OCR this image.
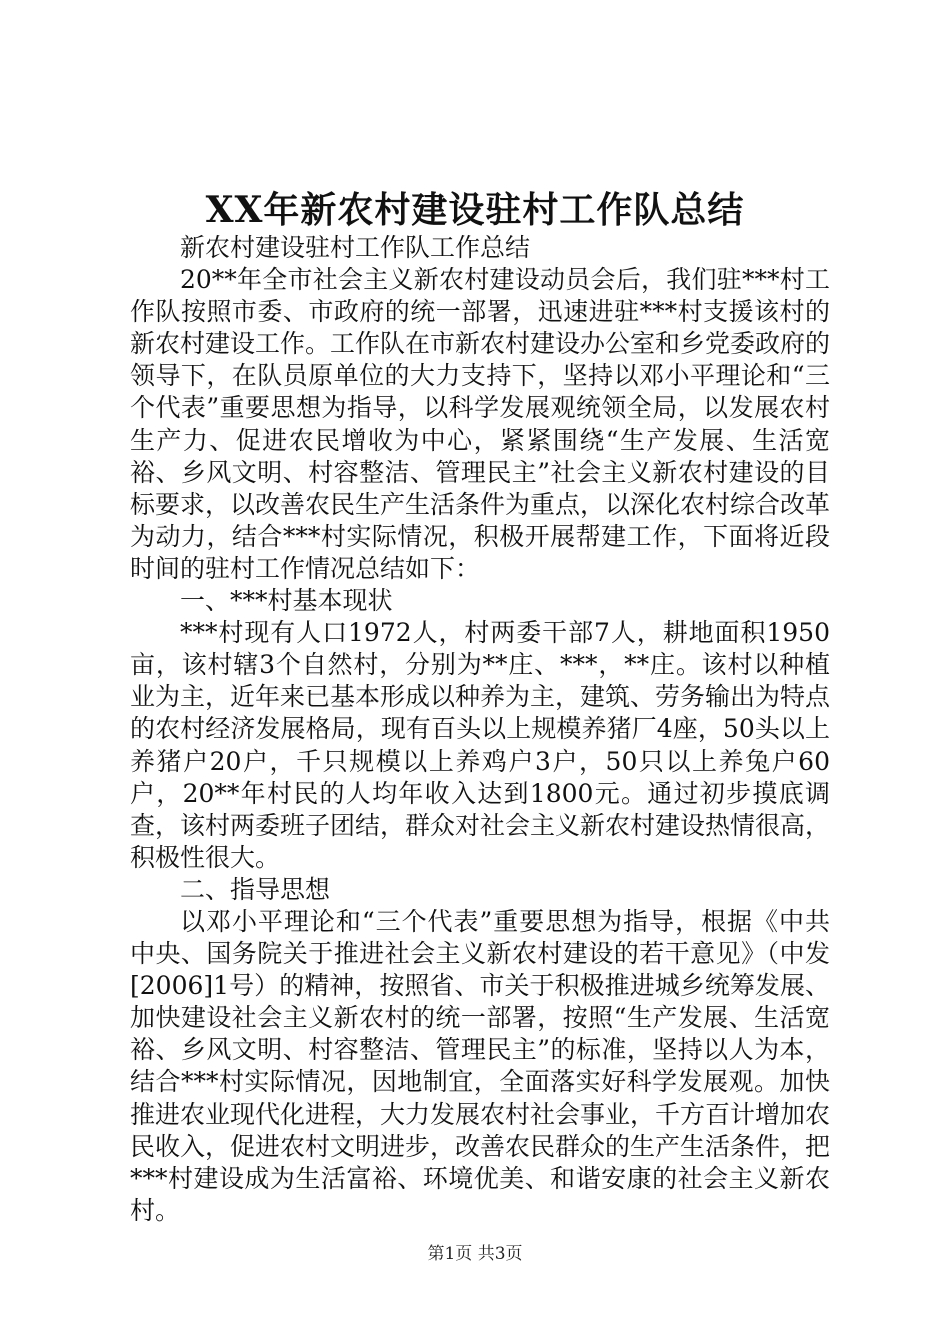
XX年新农村建设驻村工作队总结

新农村建设驻村工作队工作总结

20**年全市社会主义新农村建设动员会后，我们驻***村工作队按照市委、市政府的统一部署，迅速进驻***村支援该村的新农村建设工作。工作队在市新农村建设办公室和乡党委政府的领导下，在队员原单位的大力支持下，坚持以邓小平理论和“三个代表”重要思想为指导，以科学发展观统领全局，以发展农村生产力、促进农民增收为中心，紧紧围绕“生产发展、生活宽裕、乡风文明、村容整洁、管理民主”社会主义新农村建设的目标要求，以改善农民生产生活条件为重点，以深化农村综合改革为动力，结合***村实际情况，积极开展帮建工作，下面将近段时间的驻村工作情况总结如下：

一、***村基本现状

***村现有人口1972人，村两委干部7人，耕地面积1950亩，该村辖3个自然村，分别为**庄、***，**庄。该村以种植业为主，近年来已基本形成以种养为主，建筑、劳务输出为特点的农村经济发展格局，现有百头以上规模养猪厂4座，50头以上养猪户20户，千只规模以上养鸡户3户，50只以上养兔户60户，20**年村民的人均年收入达到1800元。通过初步摸底调查，该村两委班子团结，群众对社会主义新农村建设热情很高，积极性很大。

二、指导思想

以邓小平理论和“三个代表”重要思想为指导，根据《中共中央、国务院关于推进社会主义新农村建设的若干意见》（中发[2006]1号）的精神，按照省、市关于积极推进城乡统筹发展、加快建设社会主义新农村的统一部署，按照“生产发展、生活宽裕、乡风文明、村容整洁、管理民主”的标准，坚持以人为本，结合***村实际情况，因地制宜，全面落实好科学发展观。加快推进农业现代化进程，大力发展农村社会事业，千方百计增加农民收入，促进农村文明进步，改善农民群众的生产生活条件，把***村建设成为生活富裕、环境优美、和谐安康的社会主义新农村。

第1页 共3页
